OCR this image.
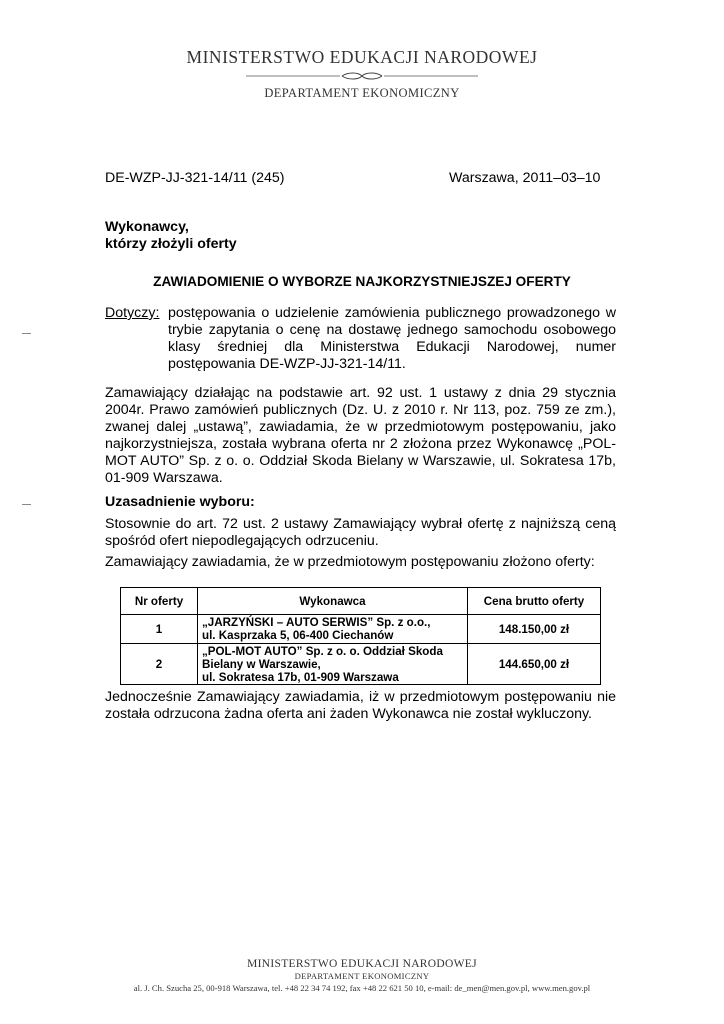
MINISTERSTWO EDUKACJI NARODOWEJ
DEPARTAMENT EKONOMICZNY
DE-WZP-JJ-321-14/11 (245)	Warszawa, 2011–03–10
Wykonawcy,
którzy złożyli oferty
ZAWIADOMIENIE O WYBORZE NAJKORZYSTNIEJSZEJ OFERTY
Dotyczy: postępowania o udzielenie zamówienia publicznego prowadzonego w trybie zapytania o cenę na dostawę jednego samochodu osobowego klasy średniej dla Ministerstwa Edukacji Narodowej, numer postępowania DE-WZP-JJ-321-14/11.
Zamawiający działając na podstawie art. 92 ust. 1 ustawy z dnia 29 stycznia 2004r. Prawo zamówień publicznych (Dz. U. z 2010 r. Nr 113, poz. 759 ze zm.), zwanej dalej „ustawą”, zawiadamia, że w przedmiotowym postępowaniu, jako najkorzystniejsza, została wybrana oferta nr 2 złożona przez Wykonawcę „POL-MOT AUTO” Sp. z o. o. Oddział Skoda Bielany w Warszawie, ul. Sokratesa 17b, 01-909 Warszawa.
Uzasadnienie wyboru:
Stosownie do art. 72 ust. 2 ustawy Zamawiający wybrał ofertę z najniższą ceną spośród ofert niepodlegających odrzuceniu.
Zamawiający zawiadamia, że w przedmiotowym postępowaniu złożono oferty:
Nr oferty	Wykonawca	Cena brutto oferty
1	„JARZYŃSKI – AUTO SERWIS” Sp. z o.o.,
ul. Kasprzaka 5, 06-400 Ciechanów	148.150,00 zł
2	„POL-MOT AUTO” Sp. z o. o. Oddział Skoda
Bielany w Warszawie,
ul. Sokratesa 17b, 01-909 Warszawa	144.650,00 zł
Jednocześnie Zamawiający zawiadamia, iż w przedmiotowym postępowaniu nie została odrzucona żadna oferta ani żaden Wykonawca nie został wykluczony.
MINISTERSTWO EDUKACJI NARODOWEJ
DEPARTAMENT EKONOMICZNY
al. J. Ch. Szucha 25, 00-918 Warszawa, tel. +48 22 34 74 192, fax +48 22 621 50 10, e-mail: de_men@men.gov.pl, www.men.gov.pl
